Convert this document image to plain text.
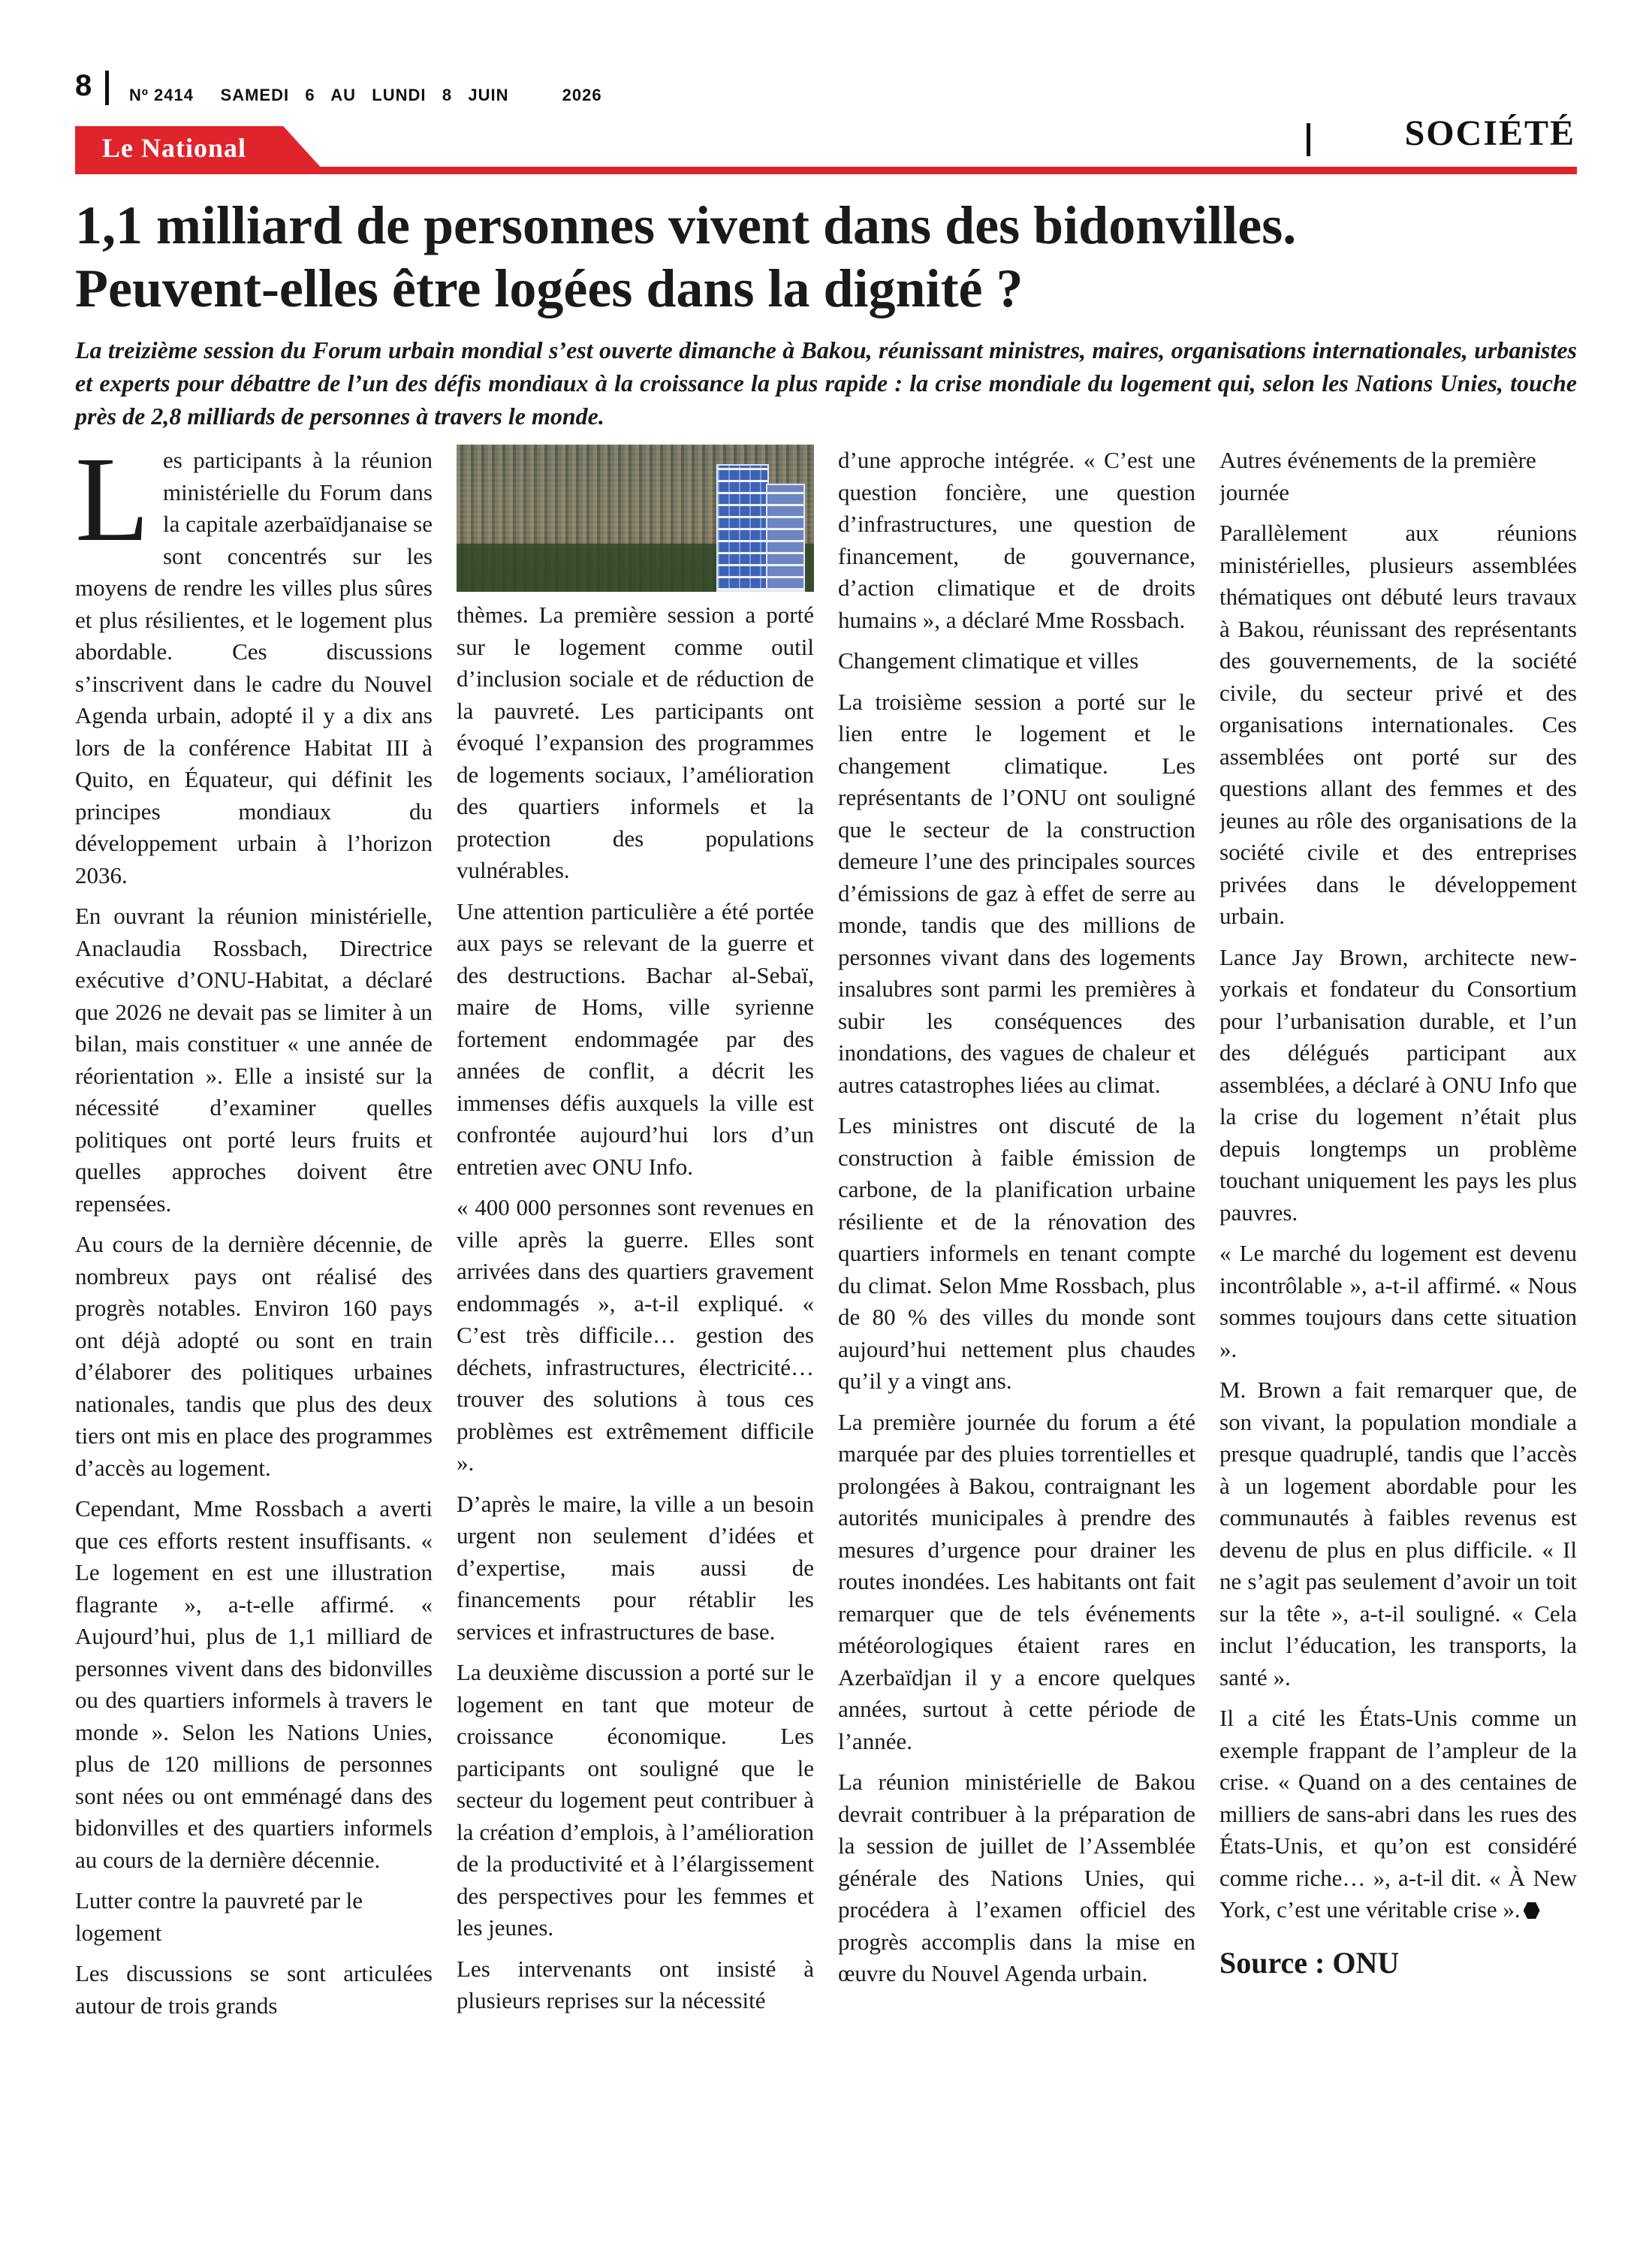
8 Nº 2414     SAMEDI   6   AU   LUNDI   8   JUIN          2026
Le National	SOCIÉTÉ
1,1 milliard de personnes vivent dans des bidonvilles.
Peuvent-elles être logées dans la dignité ?
La treizième session du Forum urbain mondial s’est ouverte dimanche à Bakou, réunissant ministres, maires, organisations internationales, urbanistes et experts pour débattre de l’un des défis mondiaux à la croissance la plus rapide : la crise mondiale du logement qui, selon les Nations Unies, touche près de 2,8 milliards de personnes à travers le monde.

Les participants à la réunion ministérielle du Forum dans la capitale azerbaïdjanaise se sont concentrés sur les moyens de rendre les villes plus sûres et plus résilientes, et le logement plus abordable. Ces discussions s’inscrivent dans le cadre du Nouvel Agenda urbain, adopté il y a dix ans lors de la conférence Habitat III à Quito, en Équateur, qui définit les principes mondiaux du développement urbain à l’horizon 2036.

En ouvrant la réunion ministérielle, Anaclaudia Rossbach, Directrice exécutive d’ONU-Habitat, a déclaré que 2026 ne devait pas se limiter à un bilan, mais constituer « une année de réorientation ». Elle a insisté sur la nécessité d’examiner quelles politiques ont porté leurs fruits et quelles approches doivent être repensées.

Au cours de la dernière décennie, de nombreux pays ont réalisé des progrès notables. Environ 160 pays ont déjà adopté ou sont en train d’élaborer des politiques urbaines nationales, tandis que plus des deux tiers ont mis en place des programmes d’accès au logement.

Cependant, Mme Rossbach a averti que ces efforts restent insuffisants. « Le logement en est une illustration flagrante », a-t-elle affirmé. « Aujourd’hui, plus de 1,1 milliard de personnes vivent dans des bidonvilles ou des quartiers informels à travers le monde ». Selon les Nations Unies, plus de 120 millions de personnes sont nées ou ont emménagé dans des bidonvilles et des quartiers informels au cours de la dernière décennie.

Lutter contre la pauvreté par le logement

Les discussions se sont articulées autour de trois grands

thèmes. La première session a porté sur le logement comme outil d’inclusion sociale et de réduction de la pauvreté. Les participants ont évoqué l’expansion des programmes de logements sociaux, l’amélioration des quartiers informels et la protection des populations vulnérables.

Une attention particulière a été portée aux pays se relevant de la guerre et des destructions. Bachar al-Sebaï, maire de Homs, ville syrienne fortement endommagée par des années de conflit, a décrit les immenses défis auxquels la ville est confrontée aujourd’hui lors d’un entretien avec ONU Info.

« 400 000 personnes sont revenues en ville après la guerre. Elles sont arrivées dans des quartiers gravement endommagés », a-t-il expliqué. « C’est très difficile… gestion des déchets, infrastructures, électricité… trouver des solutions à tous ces problèmes est extrêmement difficile ».

D’après le maire, la ville a un besoin urgent non seulement d’idées et d’expertise, mais aussi de financements pour rétablir les services et infrastructures de base.

La deuxième discussion a porté sur le logement en tant que moteur de croissance économique. Les participants ont souligné que le secteur du logement peut contribuer à la création d’emplois, à l’amélioration de la productivité et à l’élargissement des perspectives pour les femmes et les jeunes.

Les intervenants ont insisté à plusieurs reprises sur la nécessité

d’une approche intégrée. « C’est une question foncière, une question d’infrastructures, une question de financement, de gouvernance, d’action climatique et de droits humains », a déclaré Mme Rossbach.

Changement climatique et villes

La troisième session a porté sur le lien entre le logement et le changement climatique. Les représentants de l’ONU ont souligné que le secteur de la construction demeure l’une des principales sources d’émissions de gaz à effet de serre au monde, tandis que des millions de personnes vivant dans des logements insalubres sont parmi les premières à subir les conséquences des inondations, des vagues de chaleur et autres catastrophes liées au climat.

Les ministres ont discuté de la construction à faible émission de carbone, de la planification urbaine résiliente et de la rénovation des quartiers informels en tenant compte du climat. Selon Mme Rossbach, plus de 80 % des villes du monde sont aujourd’hui nettement plus chaudes qu’il y a vingt ans.

La première journée du forum a été marquée par des pluies torrentielles et prolongées à Bakou, contraignant les autorités municipales à prendre des mesures d’urgence pour drainer les routes inondées. Les habitants ont fait remarquer que de tels événements météorologiques étaient rares en Azerbaïdjan il y a encore quelques années, surtout à cette période de l’année.

La réunion ministérielle de Bakou devrait contribuer à la préparation de la session de juillet de l’Assemblée générale des Nations Unies, qui procédera à l’examen officiel des progrès accomplis dans la mise en œuvre du Nouvel Agenda urbain.

Autres événements de la première journée

Parallèlement aux réunions ministérielles, plusieurs assemblées thématiques ont débuté leurs travaux à Bakou, réunissant des représentants des gouvernements, de la société civile, du secteur privé et des organisations internationales. Ces assemblées ont porté sur des questions allant des femmes et des jeunes au rôle des organisations de la société civile et des entreprises privées dans le développement urbain.

Lance Jay Brown, architecte new-yorkais et fondateur du Consortium pour l’urbanisation durable, et l’un des délégués participant aux assemblées, a déclaré à ONU Info que la crise du logement n’était plus depuis longtemps un problème touchant uniquement les pays les plus pauvres.

« Le marché du logement est devenu incontrôlable », a-t-il affirmé. « Nous sommes toujours dans cette situation ».

M. Brown a fait remarquer que, de son vivant, la population mondiale a presque quadruplé, tandis que l’accès à un logement abordable pour les communautés à faibles revenus est devenu de plus en plus difficile. « Il ne s’agit pas seulement d’avoir un toit sur la tête », a-t-il souligné. « Cela inclut l’éducation, les transports, la santé ».

Il a cité les États-Unis comme un exemple frappant de l’ampleur de la crise. « Quand on a des centaines de milliers de sans-abri dans les rues des États-Unis, et qu’on est considéré comme riche… », a-t-il dit. « À New York, c’est une véritable crise ».

Source : ONU
